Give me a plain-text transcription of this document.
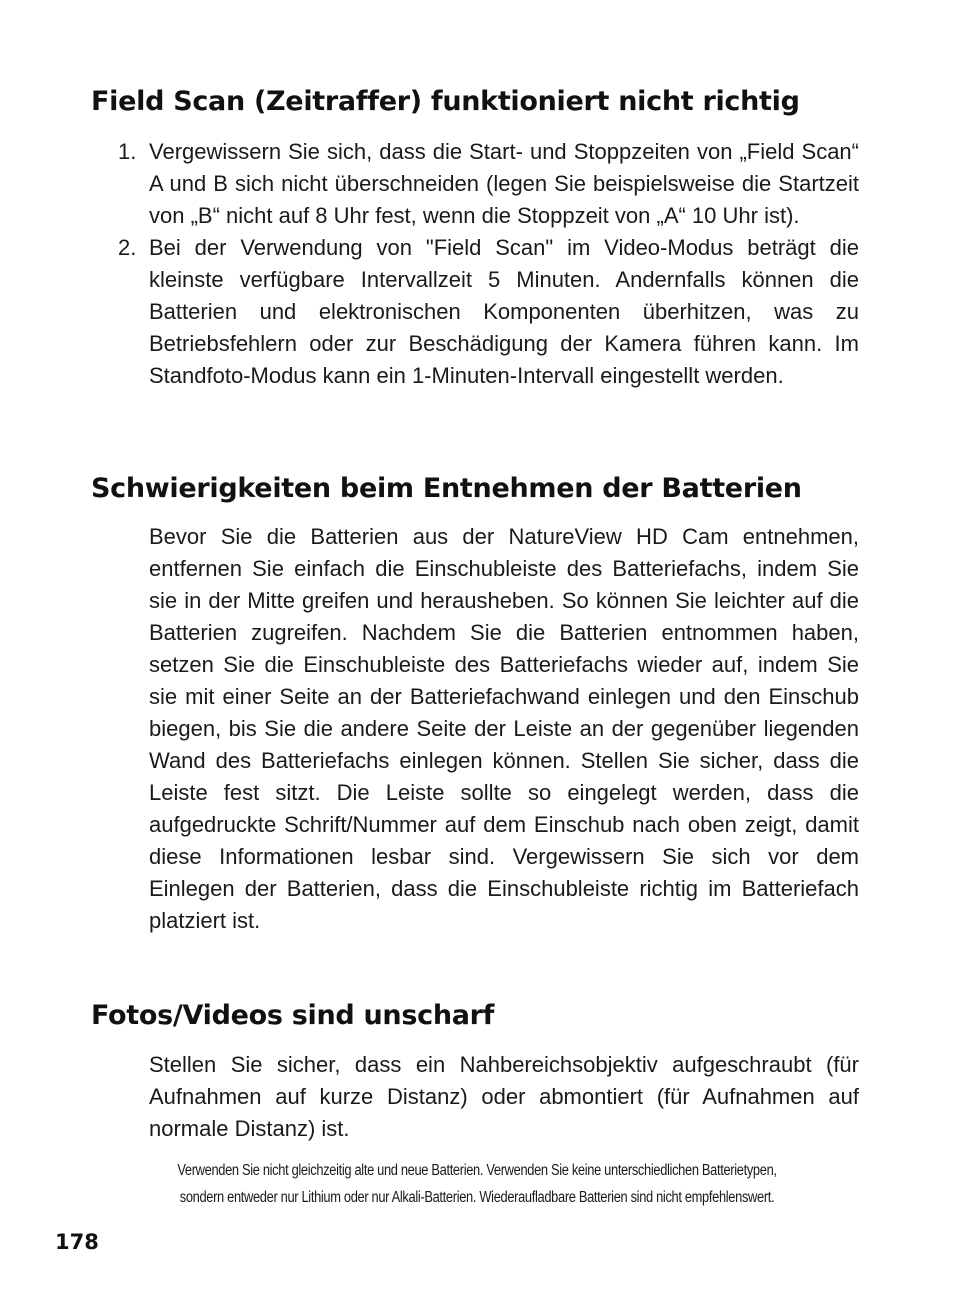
Field Scan (Zeitraffer) funktioniert nicht richtig
1. Vergewissern Sie sich, dass die Start- und Stoppzeiten von „Field Scan“ A und B sich nicht überschneiden (legen Sie beispielsweise die Startzeit von „B“ nicht auf 8 Uhr fest, wenn die Stoppzeit von „A“ 10 Uhr ist).
2. Bei der Verwendung von "Field Scan" im Video-Modus beträgt die kleinste verfügbare Intervallzeit 5 Minuten. Andernfalls können die Batterien und elektronischen Komponenten überhitzen, was zu Betriebsfehlern oder zur Beschädigung der Kamera führen kann. Im Standfoto-Modus kann ein 1-Minuten-Intervall eingestellt werden.
Schwierigkeiten beim Entnehmen der Batterien

Bevor Sie die Batterien aus der NatureView HD Cam entnehmen, entfernen Sie einfach die Einschubleiste des Batteriefachs, indem Sie sie in der Mitte greifen und herausheben. So können Sie leichter auf die Batterien zugreifen. Nachdem Sie die Batterien entnommen haben, setzen Sie die Einschubleiste des Batteriefachs wieder auf, indem Sie sie mit einer Seite an der Batteriefachwand einlegen und den Einschub biegen, bis Sie die andere Seite der Leiste an der gegenüber liegenden Wand des Batteriefachs einlegen können. Stellen Sie sicher, dass die Leiste fest sitzt. Die Leiste sollte so eingelegt werden, dass die aufgedruckte Schrift/Nummer auf dem Einschub nach oben zeigt, damit diese Informationen lesbar sind. Vergewissern Sie sich vor dem Einlegen der Batterien, dass die Einschubleiste richtig im Batteriefach platziert ist.

Fotos/Videos sind unscharf

Stellen Sie sicher, dass ein Nahbereichsobjektiv aufgeschraubt (für Aufnahmen auf kurze Distanz) oder abmontiert (für Aufnahmen auf normale Distanz) ist.

Verwenden Sie nicht gleichzeitig alte und neue Batterien. Verwenden Sie keine unterschiedlichen Batterietypen,
sondern entweder nur Lithium oder nur Alkali-Batterien. Wiederaufladbare Batterien sind nicht empfehlenswert.

178
